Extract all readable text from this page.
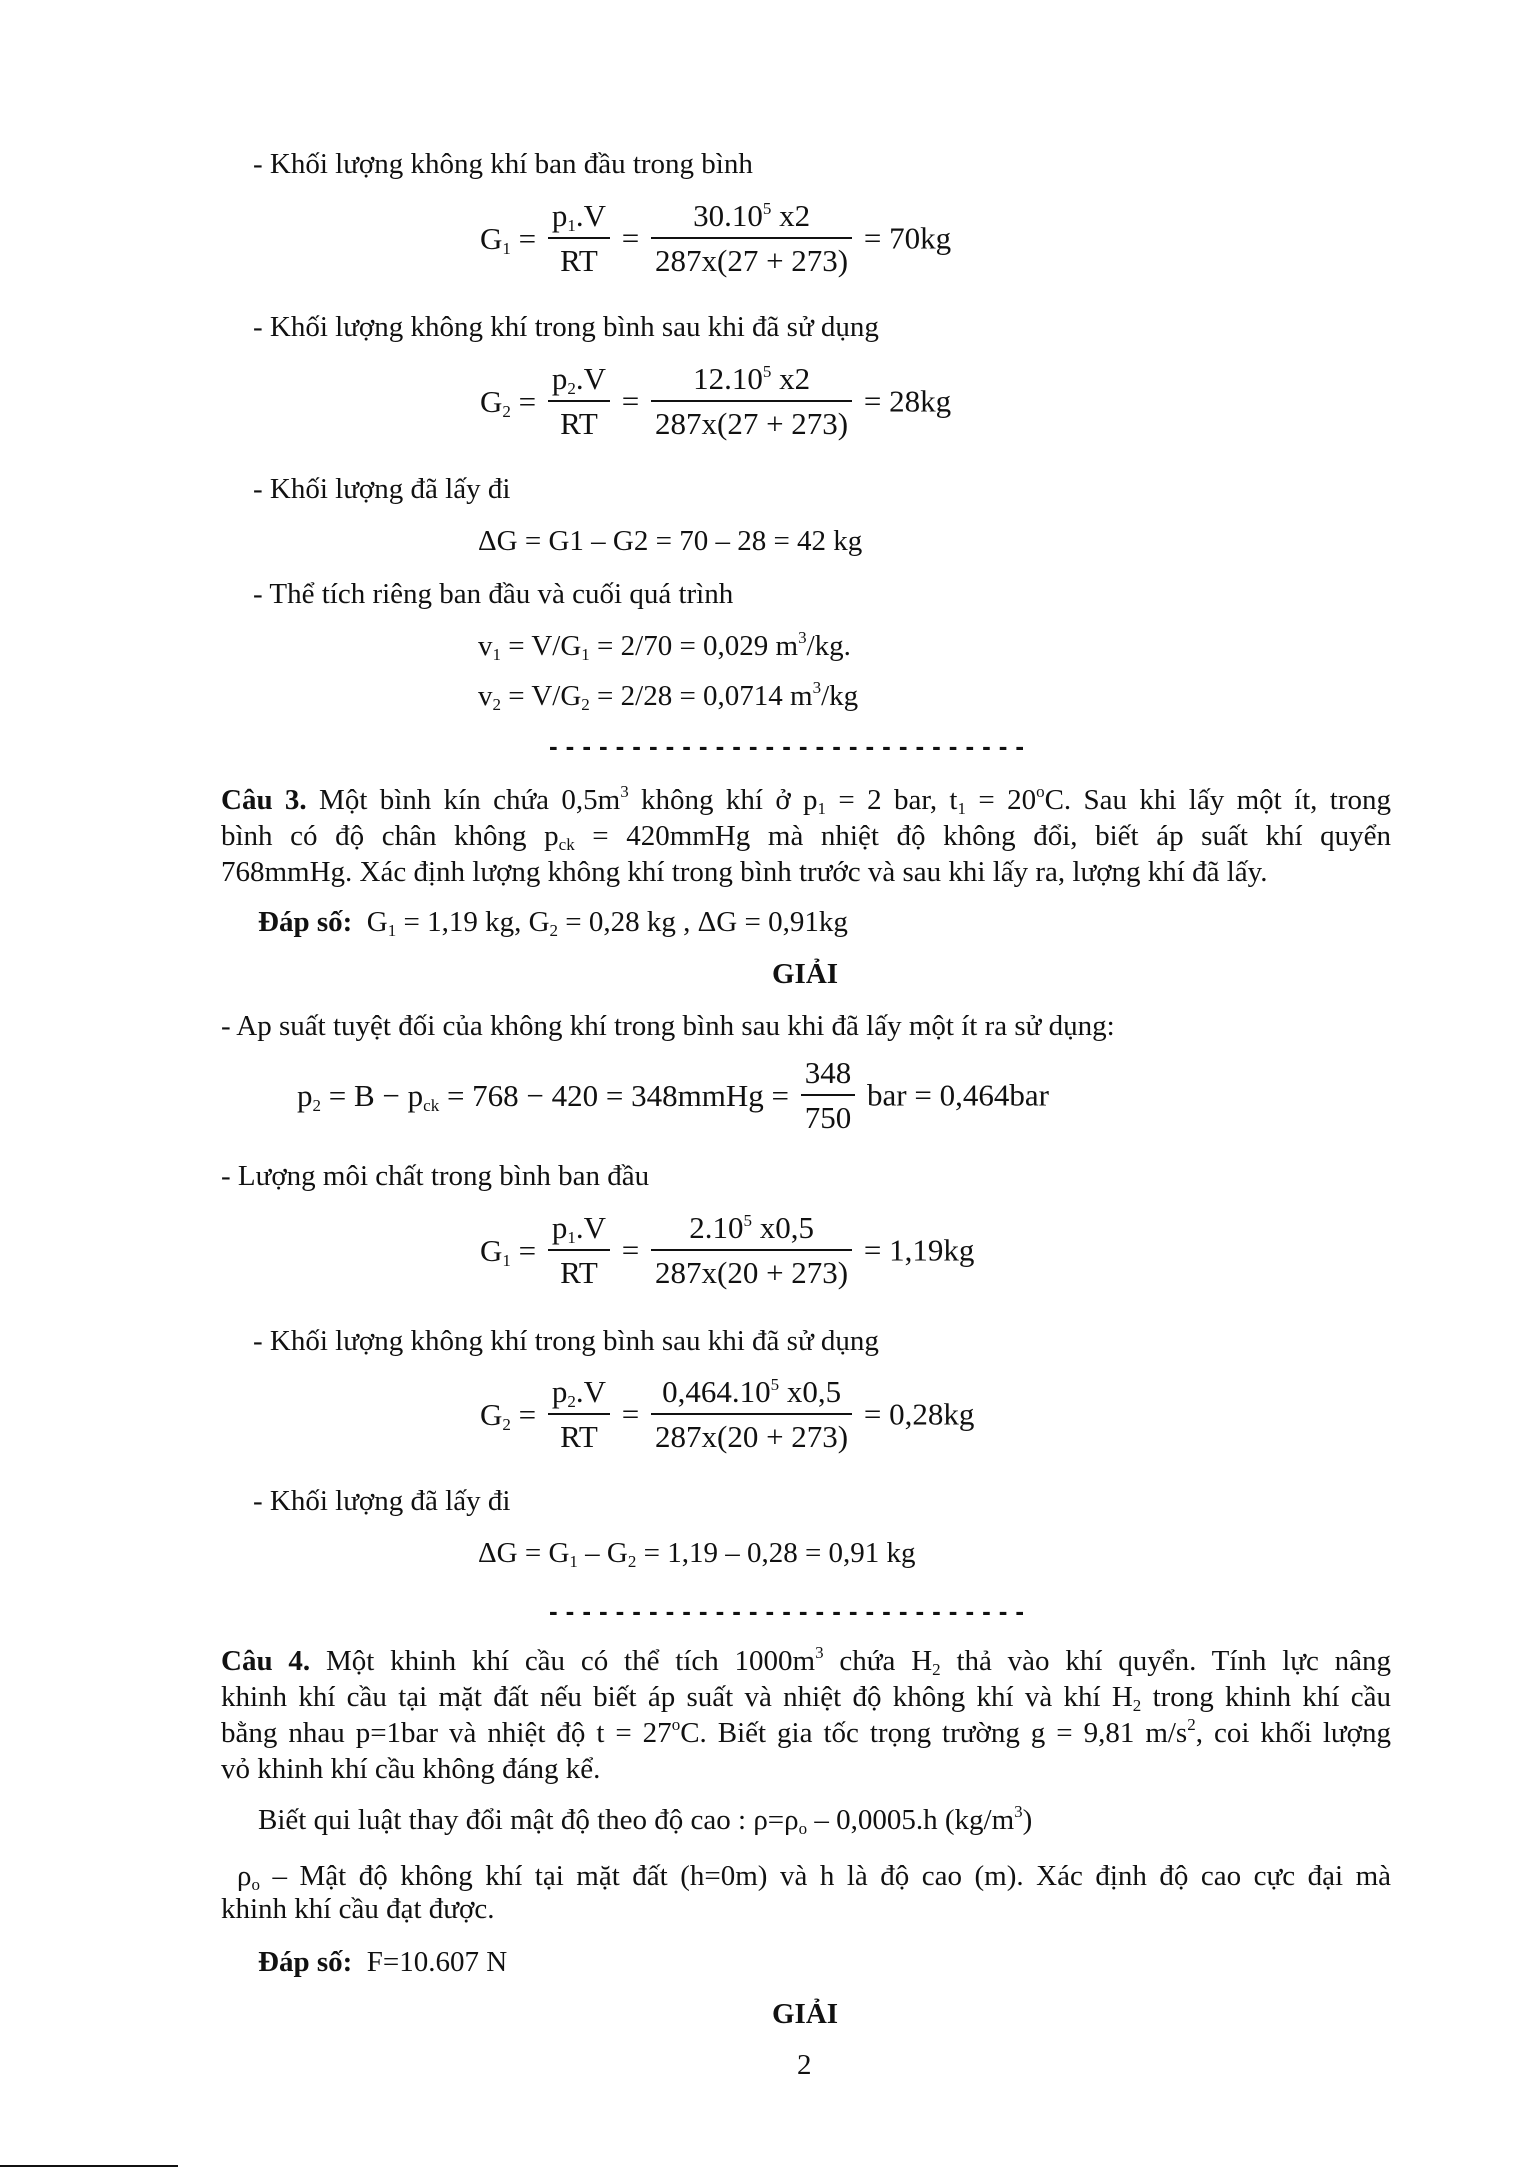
- Khối lượng không khí ban đầu trong bình
$G_1 = \frac{p_1.V}{RT} = \frac{30.10^5 x2}{287x(27 + 273)} = 70kg$
- Khối lượng không khí trong bình sau khi đã sử dụng
$G_2 = \frac{p_2.V}{RT} = \frac{12.10^5 x2}{287x(27 + 273)} = 28kg$
- Khối lượng đã lấy đi
ΔG = G1 – G2 = 70 – 28 = 42 kg
- Thể tích riêng ban đầu và cuối quá trình
$v_1 = V/G_1 = 2/70 = 0,029$ $m^3/kg$.
$v_2 = V/G_2 = 2/28 = 0,0714$ $m^3/kg$
-----------------------------
Câu 3. Một bình kín chứa $0,5m^3$ không khí ở $p_1 = 2$ bar, $t_1 = 20^oC$. Sau khi lấy một ít, trong
bình có độ chân không $p_{ck}$ = 420mmHg mà nhiệt độ không đổi, biết áp suất khí quyển
768mmHg. Xác định lượng không khí trong bình trước và sau khi lấy ra, lượng khí đã lấy.
Đáp số: $G_1 = 1,19$ kg, $G_2 = 0,28$ kg , ΔG = 0,91kg
GIẢI
- Ap suất tuyệt đối của không khí trong bình sau khi đã lấy một ít ra sử dụng:
$p_2 = B - p_{ck} = 768 - 420$ = 348mmHg = $\frac{348}{750}$ bar = 0,464bar
- Lượng môi chất trong bình ban đầu
$G_1 = \frac{p_1.V}{RT} = \frac{2.10^5 x0,5}{287x(20 + 273)} = 1,19kg$
- Khối lượng không khí trong bình sau khi đã sử dụng
$G_2 = \frac{p_2.V}{RT} = \frac{0,464.10^5 x0,5}{287x(20 + 273)} = 0,28kg$
- Khối lượng đã lấy đi
$\Delta G = G_1 - G_2 = 1,19 - 0,28 = 0,91$ kg
-----------------------------
Câu 4. Một khinh khí cầu có thể tích $1000m^3$ chứa $H_2$ thả vào khí quyển. Tính lực nâng
khinh khí cầu tại mặt đất nếu biết áp suất và nhiệt độ không khí và khí $H_2$ trong khinh khí cầu
bằng nhau p=1bar và nhiệt độ $t = 27^oC$. Biết gia tốc trọng trường g = 9,81 $m/s^2$, coi khối lượng
vỏ khinh khí cầu không đáng kể.
Biết qui luật thay đổi mật độ theo độ cao : $\rho=\rho_o - 0,0005.h$ $(kg/m^3)$
$\rho_o$ – Mật độ không khí tại mặt đất (h=0m) và h là độ cao (m). Xác định độ cao cực đại mà
khinh khí cầu đạt được.
Đáp số: F=10.607 N
GIẢI
2
